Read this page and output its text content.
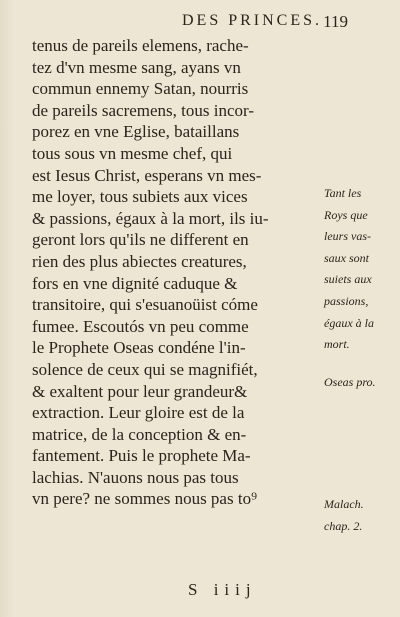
DES PRINCES. 119
tenus de pareils elemens, rache-
tez d'vn mesme sang, ayans vn
commun ennemy Satan, nourris
de pareils sacremens, tous incor-
porez en vne Eglise, bataillans
tous sous vn mesme chef, qui
est Iesus Christ, esperans vn mes-
me loyer, tous subiets aux vices
& passions, égaux à la mort, ils iu-
geront lors qu'ils ne different en
rien des plus abiectes creatures,
fors en vne dignité caduque &
transitoire, qui s'esuanoüist cóme
fumee. Escoutós vn peu comme
le Prophete Oseas condéne l'in-
solence de ceux qui se magnifiét,
& exaltent pour leur grandeur&
extraction. Leur gloire est de la
matrice, de la conception & en-
fantement. Puis le prophete Ma-
lachias. N'auons nous pas tous
vn pere? ne sommes nous pas to⁹
Tant les
Roys que
leurs vas-
saux sont
suiets aux
passions,
égaux à la
mort.
Oseas pro.
Malach.
chap. 2.
S iiij
